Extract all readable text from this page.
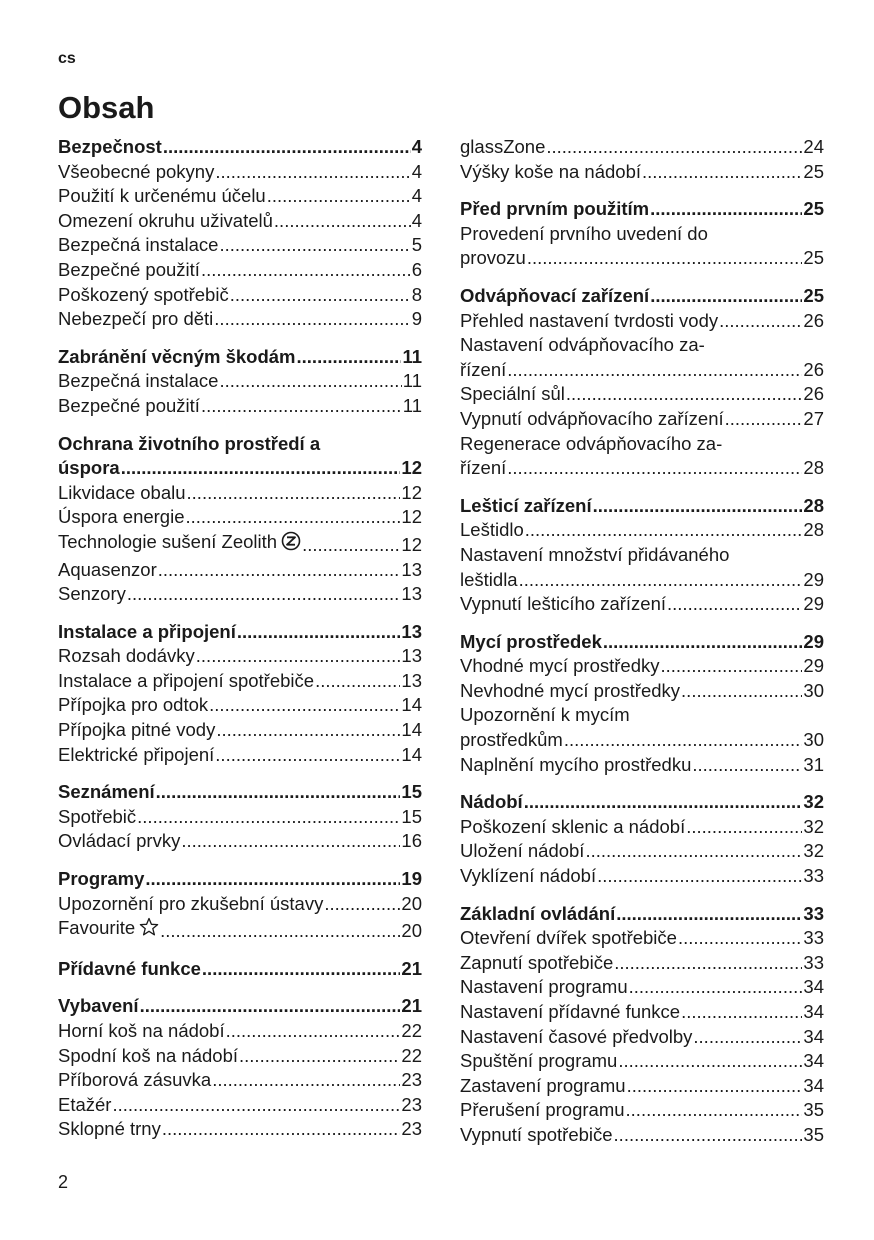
cs
Obsah
Bezpečnost .....	4
Všeobecné pokyny .....	4
Použití k určenému účelu .....	4
Omezení okruhu uživatelů .....	4
Bezpečná instalace .....	5
Bezpečné použití .....	6
Poškozený spotřebič .....	8
Nebezpečí pro děti .....	9
Zabránění věcným škodám .....	11
Bezpečná instalace .....	11
Bezpečné použití .....	11
Ochrana životního prostředí a
úspora .....	12
Likvidace obalu .....	12
Úspora energie .....	12
Technologie sušení Zeolith .....	12
Aquasenzor .....	13
Senzory .....	13
Instalace a připojení .....	13
Rozsah dodávky .....	13
Instalace a připojení spotřebiče .....	13
Přípojka pro odtok .....	14
Přípojka pitné vody .....	14
Elektrické připojení .....	14
Seznámení .....	15
Spotřebič .....	15
Ovládací prvky .....	16
Programy .....	19
Upozornění pro zkušební ústavy .....	20
Favourite .....	20
Přídavné funkce .....	21
Vybavení .....	21
Horní koš na nádobí .....	22
Spodní koš na nádobí .....	22
Příborová zásuvka .....	23
Etažér .....	23
Sklopné trny .....	23
glassZone .....	24
Výšky koše na nádobí .....	25
Před prvním použitím .....	25
Provedení prvního uvedení do
provozu .....	25
Odvápňovací zařízení .....	25
Přehled nastavení tvrdosti vody .....	26
Nastavení odvápňovacího za-
řízení .....	26
Speciální sůl .....	26
Vypnutí odvápňovacího zařízení .....	27
Regenerace odvápňovacího za-
řízení .....	28
Lešticí zařízení .....	28
Leštidlo .....	28
Nastavení množství přidávaného
leštidla .....	29
Vypnutí lešticího zařízení .....	29
Mycí prostředek .....	29
Vhodné mycí prostředky .....	29
Nevhodné mycí prostředky .....	30
Upozornění k mycím
prostředkům .....	30
Naplnění mycího prostředku .....	31
Nádobí .....	32
Poškození sklenic a nádobí .....	32
Uložení nádobí .....	32
Vyklízení nádobí .....	33
Základní ovládání .....	33
Otevření dvířek spotřebiče .....	33
Zapnutí spotřebiče .....	33
Nastavení programu .....	34
Nastavení přídavné funkce .....	34
Nastavení časové předvolby .....	34
Spuštění programu .....	34
Zastavení programu .....	34
Přerušení programu .....	35
Vypnutí spotřebiče .....	35
2
